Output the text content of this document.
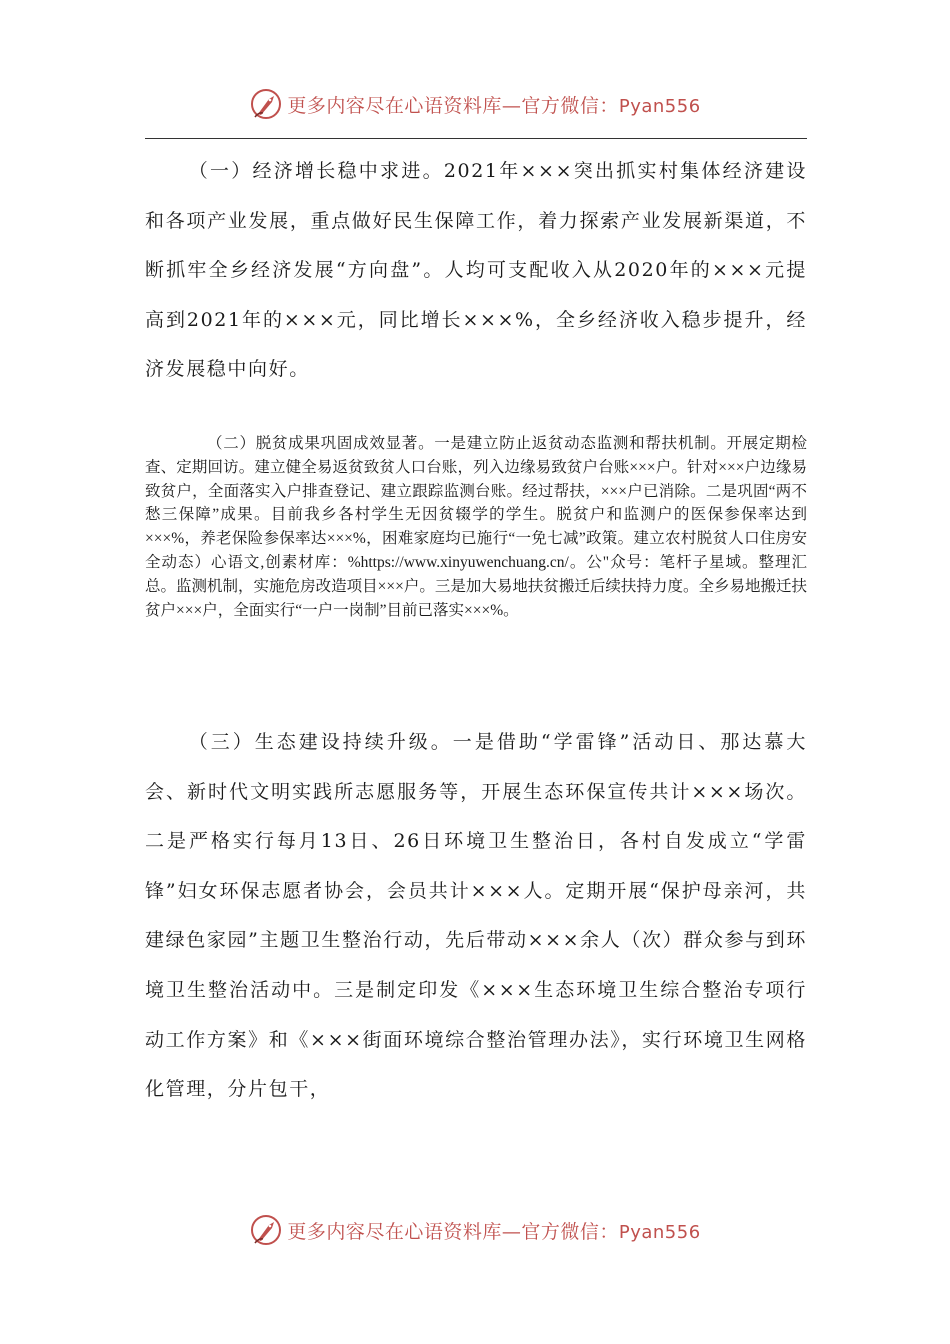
更多内容尽在心语资料库—官方微信：Pyan556

（一）经济增长稳中求进。2021年×××突出抓实村集体经济建设和各项产业发展，重点做好民生保障工作，着力探索产业发展新渠道，不断抓牢全乡经济发展“方向盘”。人均可支配收入从2020年的×××元提高到2021年的×××元，同比增长×××%，全乡经济收入稳步提升，经济发展稳中向好。

（二）脱贫成果巩固成效显著。一是建立防止返贫动态监测和帮扶机制。开展定期检查、定期回访。建立健全易返贫致贫人口台账，列入边缘易致贫户台账×××户。针对×××户边缘易致贫户，全面落实入户排查登记、建立跟踪监测台账。经过帮扶，×××户已消除。二是巩固“两不愁三保障”成果。目前我乡各村学生无因贫辍学的学生。脱贫户和监测户的医保参保率达到×××%，养老保险参保率达×××%，困难家庭均已施行“一免七减”政策。建立农村脱贫人口住房安全动态）心语文,创素材库：%https://www.xinyuwenchuang.cn/。公"众号：笔杆子星域。整理汇总。监测机制，实施危房改造项目×××户。三是加大易地扶贫搬迁后续扶持力度。全乡易地搬迁扶贫户×××户，全面实行“一户一岗制”目前已落实×××%。

（三）生态建设持续升级。一是借助“学雷锋”活动日、那达慕大会、新时代文明实践所志愿服务等，开展生态环保宣传共计×××场次。二是严格实行每月13日、26日环境卫生整治日，各村自发成立“学雷锋”妇女环保志愿者协会，会员共计×××人。定期开展“保护母亲河，共建绿色家园”主题卫生整治行动，先后带动×××余人（次）群众参与到环境卫生整治活动中。三是制定印发《×××生态环境卫生综合整治专项行动工作方案》和《×××街面环境综合整治管理办法》，实行环境卫生网格化管理，分片包干，

更多内容尽在心语资料库—官方微信：Pyan556
